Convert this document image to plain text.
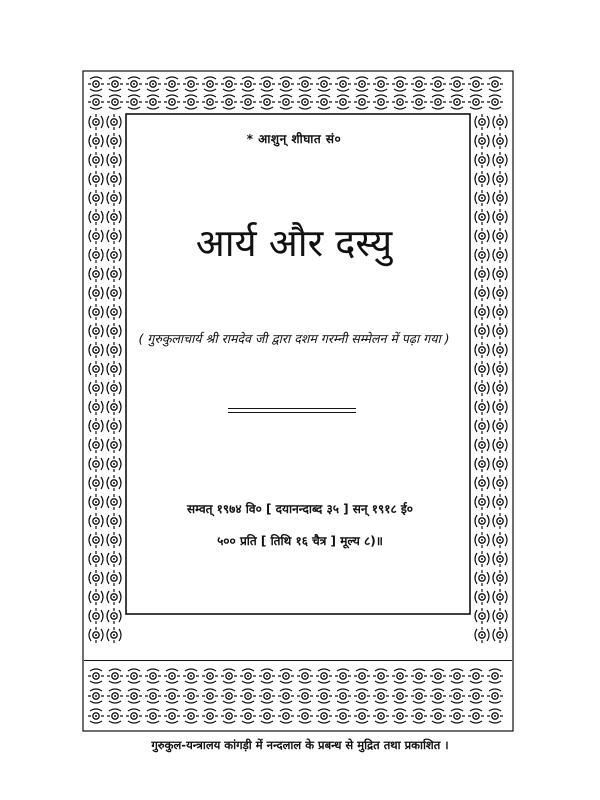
* आशुन् शीघात सं०
आर्य और दस्यु
( गुरुकुलाचार्य श्री रामदेव जी द्वारा दशम गरम्नी सम्मेलन में पढ़ा गया )
सम्वत् १९७४ वि० [ दयानन्दाब्द ३५ ] सन् १९१८ ई०
५०० प्रति [ तिथि १६ चैत्र ] मूल्य ८)॥
गुरुकुल-यन्त्रालय कांगड़ी में नन्दलाल के प्रबन्ध से मुद्रित तथा प्रकाशित ।
